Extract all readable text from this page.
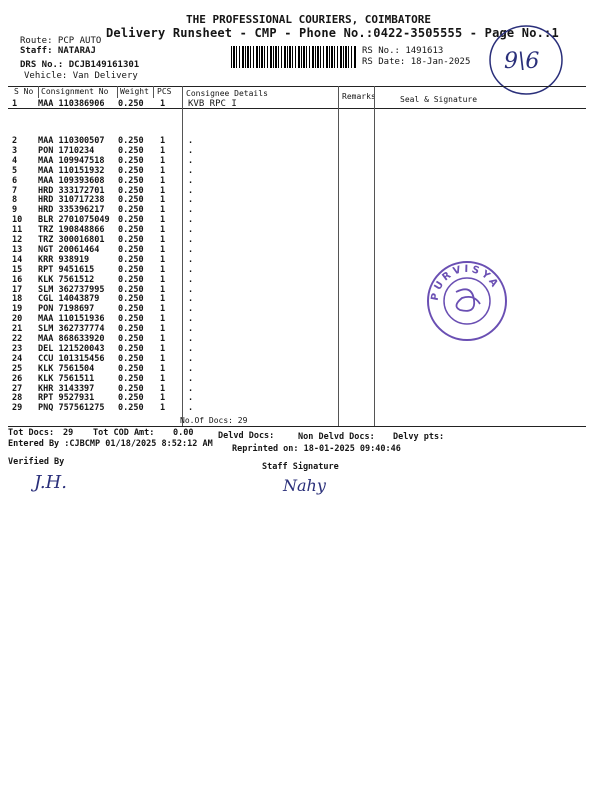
THE PROFESSIONAL COURIERS, COIMBATORE
Delivery Runsheet - CMP - Phone No.:0422-3505555 - Page No.:1
Route: PCP AUTO
Staff: NATARAJ
DRS No.: DCJB149161301
Vehicle: Van Delivery
RS No.: 1491613
RS Date: 18-Jan-2025 9\6
S No Consignment No Weight PCS Consignee Details	Remarks	Seal & Signature
1 MAA 110386906 0.250 1	KVB RPC I
2 MAA 110300507 0.250 1	.
3 PON 1710234	0.250 1	.
4 MAA 109947518 0.250 1	.
5 MAA 110151932 0.250 1	.
6 MAA 109393608 0.250 1	.
7 HRD 333172701 0.250 1	.
8 HRD 310717238 0.250 1	.
9 HRD 335396217 0.250 1	.
10 BLR 2701075049 0.250 1	.
11 TRZ 190848866 0.250 1	.
12 TRZ 300016801 0.250 1	.
13 NGT 20061464 0.250 1	.
14 KRR 938919	0.250 1	.
15 RPT 9451615	0.250 1	.
16 KLK 7561512	0.250 1	.
17 SLM 362737995 0.250 1	.
18 CGL 14043879 0.250 1	.
19 PON 7198697	0.250 1	.
20 MAA 110151936 0.250 1	.
21 SLM 362737774 0.250 1	.
22 MAA 868633920 0.250 1	.
23 DEL 121520043 0.250 1	.
24 CCU 101315456 0.250 1	.
25 KLK 7561504	0.250 1	.
26 KLK 7561511	0.250 1	.
27 KHR 3143397	0.250 1	.
28 RPT 9527931	0.250 1	.
29 PNQ 757561275 0.250 1	.
No.Of Docs: 29
Tot Docs: 29 Tot COD Amt: 0.00	Delvd Docs:	Non Delvd Docs: Delvy pts:
Entered By :CJBCMP 01/18/2025 8:52:12 AM Reprinted on: 18-01-2025 09:40:46
Verified By
J.H.
Staff Signature
Nahy
PURVISYA
